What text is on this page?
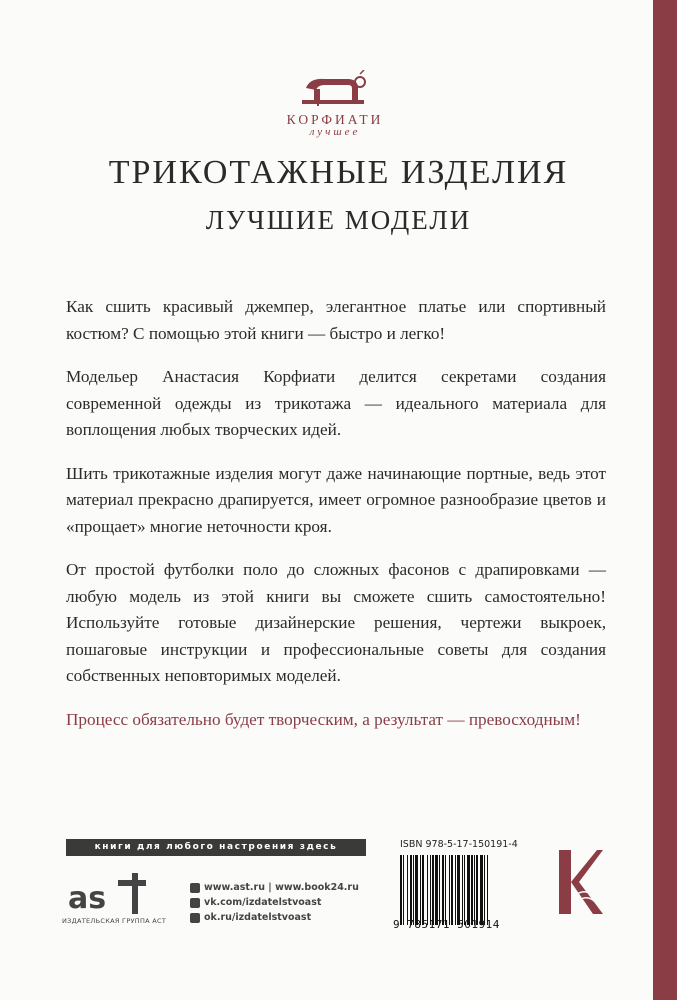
КОРФИАТИ
лучшее
ТРИКОТАЖНЫЕ ИЗДЕЛИЯ
ЛУЧШИЕ МОДЕЛИ

Как сшить красивый джемпер, элегантное платье или спортивный костюм? С помощью этой книги — быстро и легко!

Модельер Анастасия Корфиати делится секретами создания современной одежды из трикотажа — идеального материала для воплощения любых творческих идей.

Шить трикотажные изделия могут даже начинающие портные, ведь этот материал прекрасно драпируется, имеет огромное разнообразие цветов и «прощает» многие неточности кроя.

От простой футболки поло до сложных фасонов с драпировками — любую модель из этой книги вы сможете сшить самостоятельно! Используйте готовые дизайнерские решения, чертежи выкроек, пошаговые инструкции и профессиональные советы для создания собственных неповторимых моделей.

Процесс обязательно будет творческим, а результат — превосходным!

книги для любого настроения здесь
as
ИЗДАТЕЛЬСКАЯ ГРУППА АСТ
www.ast.ru | www.book24.ru
vk.com/izdatelstvoast
ok.ru/izdatelstvoast
ISBN 978-5-17-150191-4
9 785171 501914
